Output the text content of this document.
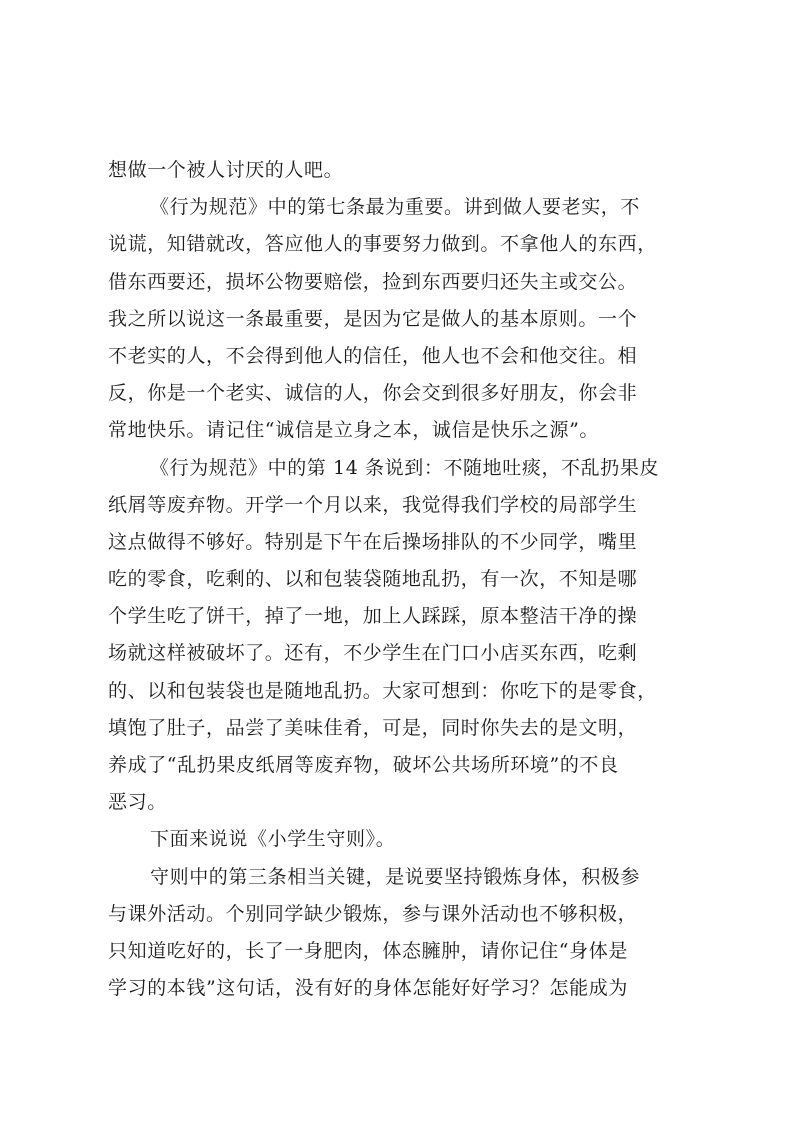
想做一个被人讨厌的人吧。
《行为规范》中的第七条最为重要。讲到做人要老实，不
说谎，知错就改，答应他人的事要努力做到。不拿他人的东西，
借东西要还，损坏公物要赔偿，捡到东西要归还失主或交公。
我之所以说这一条最重要，是因为它是做人的基本原则。一个
不老实的人，不会得到他人的信任，他人也不会和他交往。相
反，你是一个老实、诚信的人，你会交到很多好朋友，你会非
常地快乐。请记住“诚信是立身之本，诚信是快乐之源”。
《行为规范》中的第 14 条说到：不随地吐痰，不乱扔果皮
纸屑等废弃物。开学一个月以来，我觉得我们学校的局部学生
这点做得不够好。特别是下午在后操场排队的不少同学，嘴里
吃的零食，吃剩的、以和包装袋随地乱扔，有一次，不知是哪
个学生吃了饼干，掉了一地，加上人踩踩，原本整洁干净的操
场就这样被破坏了。还有，不少学生在门口小店买东西，吃剩
的、以和包装袋也是随地乱扔。大家可想到：你吃下的是零食，
填饱了肚子，品尝了美味佳肴，可是，同时你失去的是文明，
养成了“乱扔果皮纸屑等废弃物，破坏公共场所环境”的不良
恶习。
下面来说说《小学生守则》。
守则中的第三条相当关键，是说要坚持锻炼身体，积极参
与课外活动。个别同学缺少锻炼，参与课外活动也不够积极，
只知道吃好的，长了一身肥肉，体态臃肿，请你记住“身体是
学习的本钱”这句话，没有好的身体怎能好好学习？怎能成为
